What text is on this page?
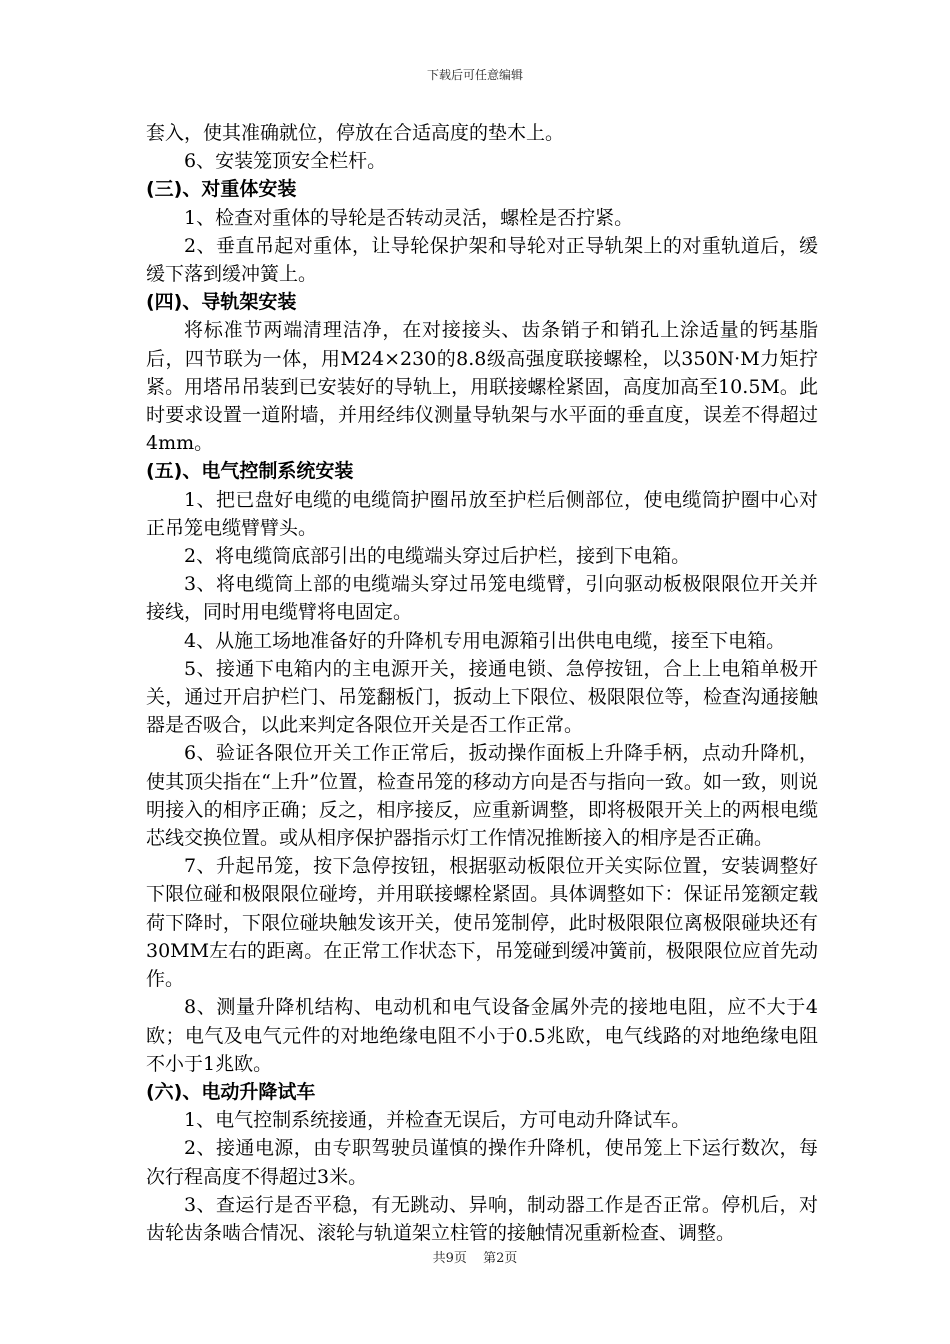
下载后可任意编辑

套入，使其准确就位，停放在合适高度的垫木上。

6、安装笼顶安全栏杆。

(三)、对重体安装

1、检查对重体的导轮是否转动灵活，螺栓是否拧紧。

2、垂直吊起对重体，让导轮保护架和导轮对正导轨架上的对重轨道后，缓缓下落到缓冲簧上。

(四)、导轨架安装

将标准节两端清理洁净，在对接接头、齿条销子和销孔上涂适量的钙基脂后，四节联为一体，用M24×230的8.8级高强度联接螺栓，以350N·M力矩拧紧。用塔吊吊装到已安装好的导轨上，用联接螺栓紧固，高度加高至10.5M。此时要求设置一道附墙，并用经纬仪测量导轨架与水平面的垂直度，误差不得超过4mm。

(五)、电气控制系统安装

1、把已盘好电缆的电缆筒护圈吊放至护栏后侧部位，使电缆筒护圈中心对正吊笼电缆臂臂头。

2、将电缆筒底部引出的电缆端头穿过后护栏，接到下电箱。

3、将电缆筒上部的电缆端头穿过吊笼电缆臂，引向驱动板极限限位开关并接线，同时用电缆臂将电固定。

4、从施工场地准备好的升降机专用电源箱引出供电电缆，接至下电箱。

5、接通下电箱内的主电源开关，接通电锁、急停按钮，合上上电箱单极开关，通过开启护栏门、吊笼翻板门，扳动上下限位、极限限位等，检查沟通接触器是否吸合，以此来判定各限位开关是否工作正常。

6、验证各限位开关工作正常后，扳动操作面板上升降手柄，点动升降机，使其顶尖指在“上升”位置，检查吊笼的移动方向是否与指向一致。如一致，则说明接入的相序正确；反之，相序接反，应重新调整，即将极限开关上的两根电缆芯线交换位置。或从相序保护器指示灯工作情况推断接入的相序是否正确。

7、升起吊笼，按下急停按钮，根据驱动板限位开关实际位置，安装调整好下限位碰和极限限位碰垮，并用联接螺栓紧固。具体调整如下：保证吊笼额定载荷下降时，下限位碰块触发该开关，使吊笼制停，此时极限限位离极限碰块还有30MM左右的距离。在正常工作状态下，吊笼碰到缓冲簧前，极限限位应首先动作。

8、测量升降机结构、电动机和电气设备金属外壳的接地电阻，应不大于4欧；电气及电气元件的对地绝缘电阻不小于0.5兆欧，电气线路的对地绝缘电阻不小于1兆欧。

(六)、电动升降试车

1、电气控制系统接通，并检查无误后，方可电动升降试车。

2、接通电源，由专职驾驶员谨慎的操作升降机，使吊笼上下运行数次，每次行程高度不得超过3米。

3、查运行是否平稳，有无跳动、异响，制动器工作是否正常。停机后，对齿轮齿条啮合情况、滚轮与轨道架立柱管的接触情况重新检查、调整。

共9页 第2页
